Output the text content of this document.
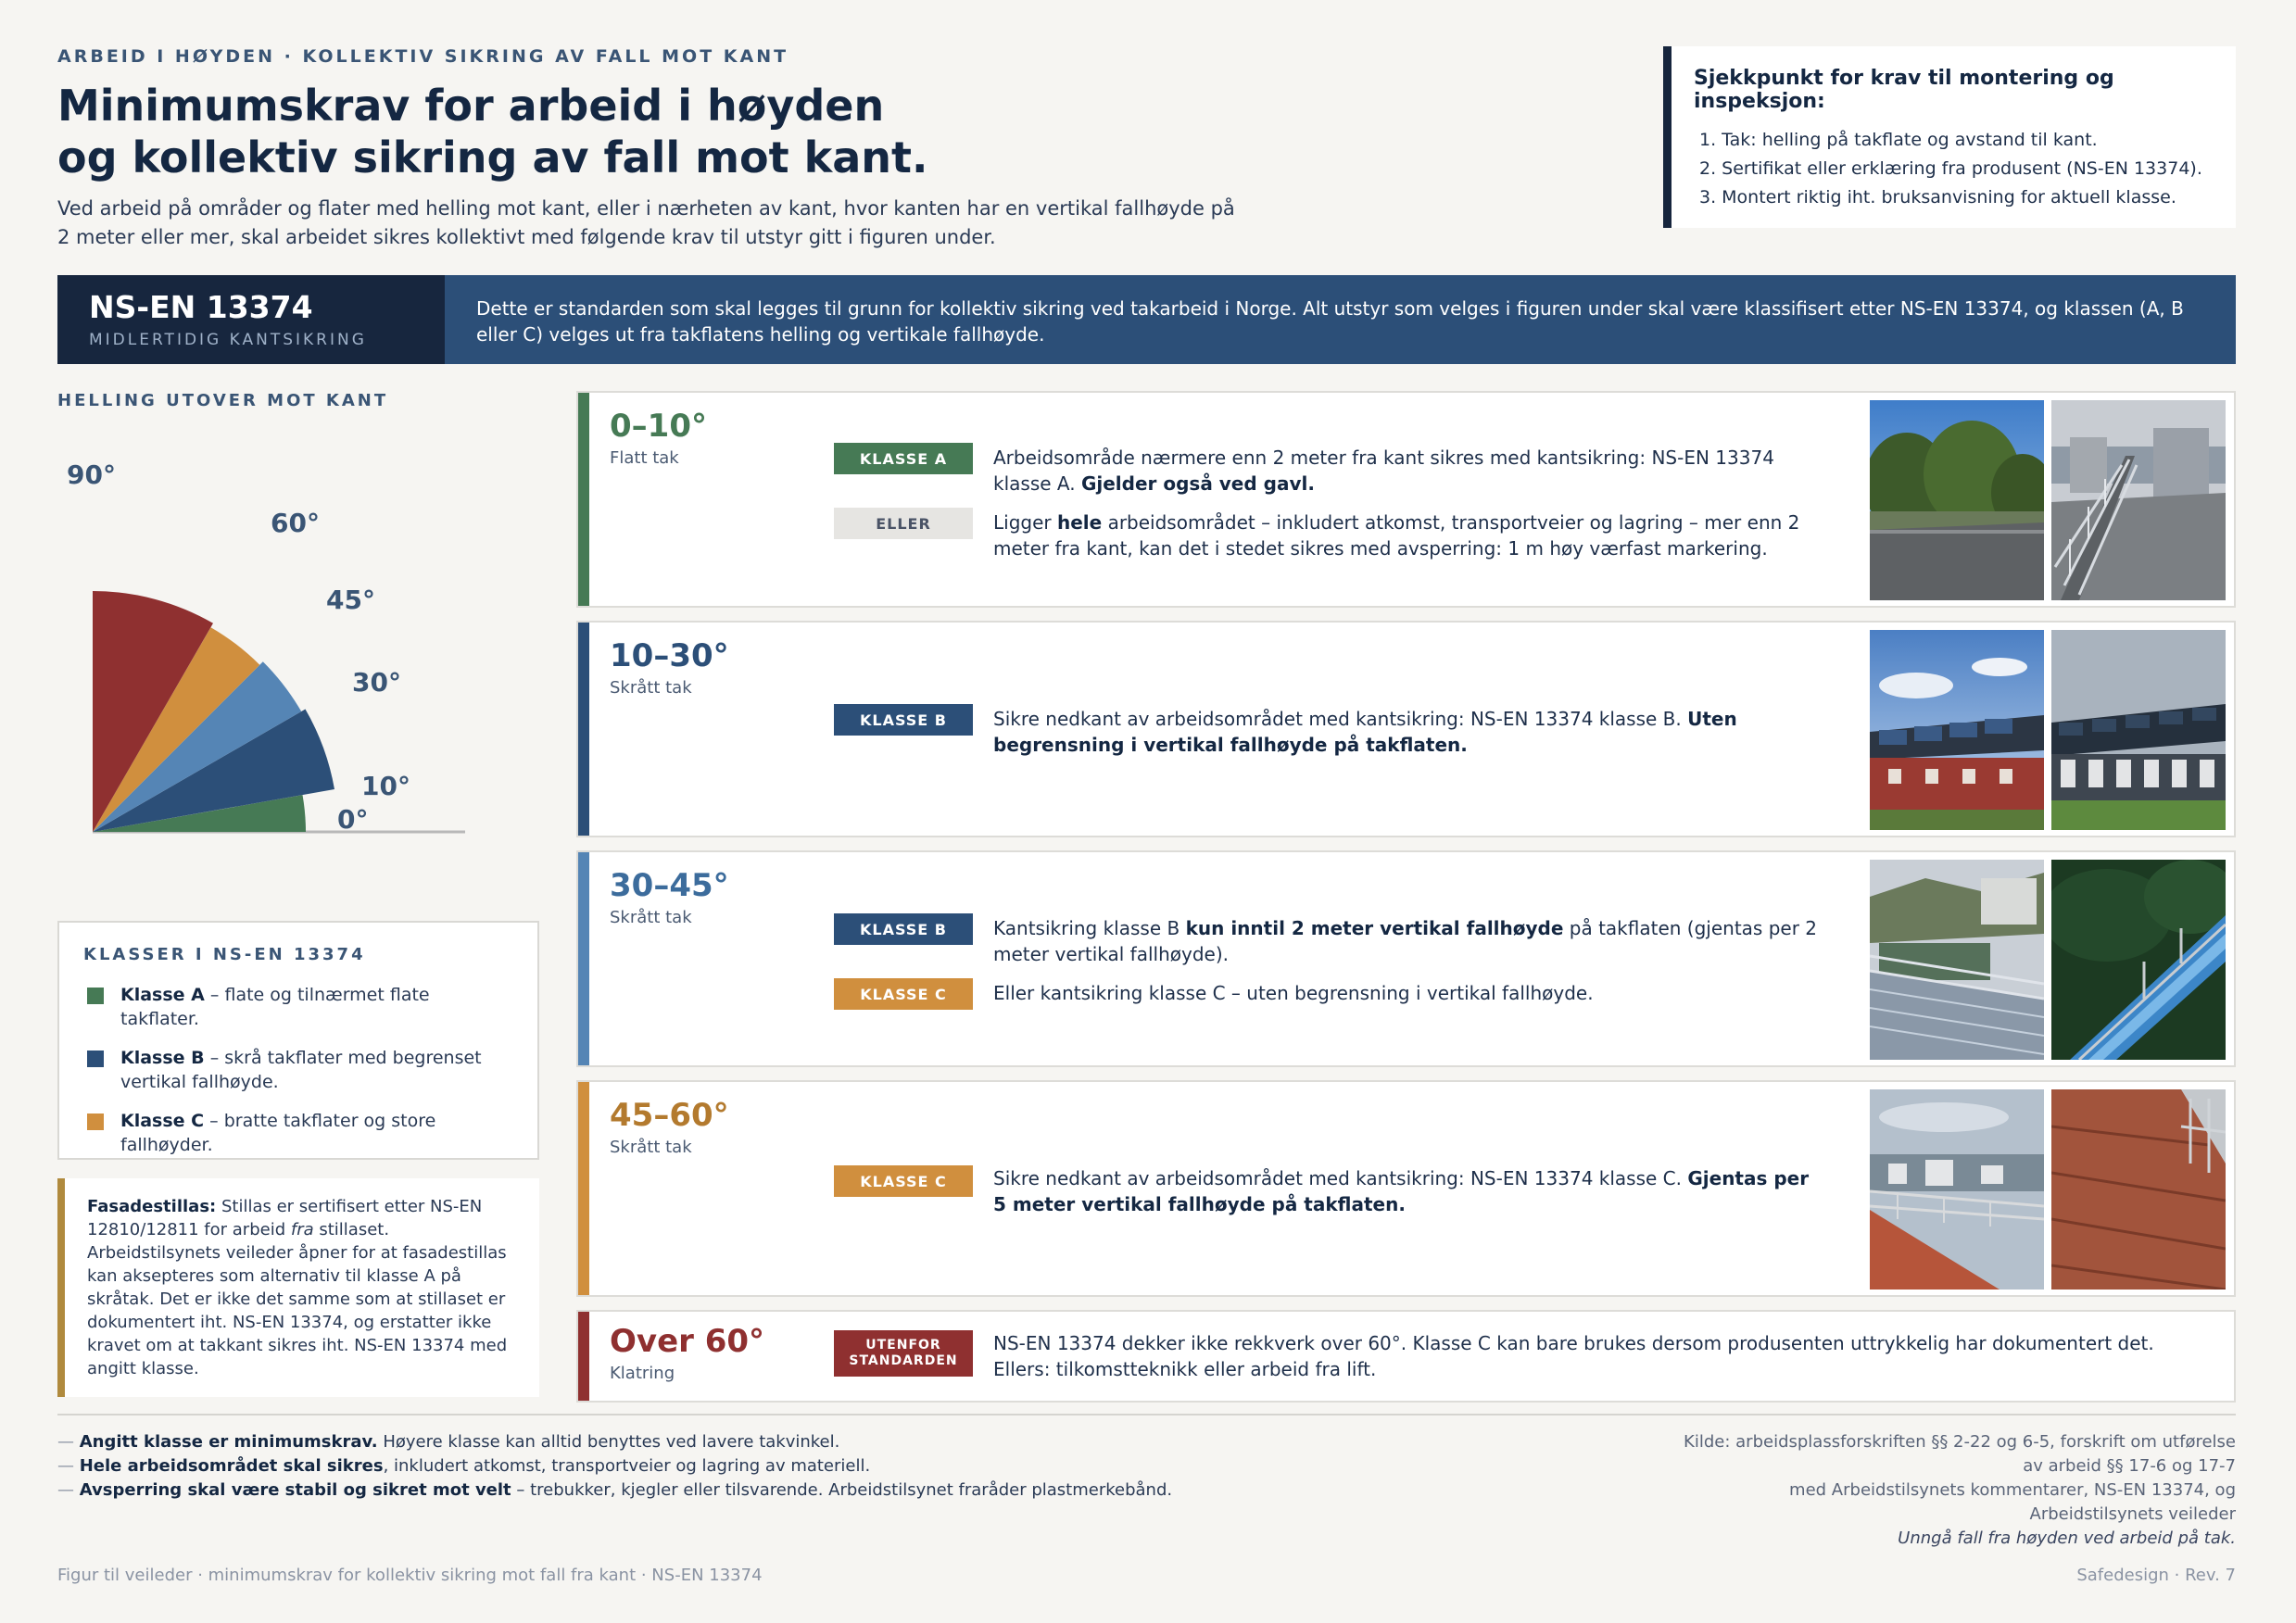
ARBEID I HØYDEN · KOLLEKTIV SIKRING AV FALL MOT KANT
Minimumskrav for arbeid i høyden
og kollektiv sikring av fall mot kant.
Ved arbeid på områder og flater med helling mot kant, eller i nærheten av kant, hvor kanten har en vertikal fallhøyde på 2 meter eller mer, skal arbeidet sikres kollektivt med følgende krav til utstyr gitt i figuren under.
Sjekkpunkt for krav til montering og inspeksjon:
1. Tak: helling på takflate og avstand til kant.
2. Sertifikat eller erklæring fra produsent (NS-EN 13374).
3. Montert riktig iht. bruksanvisning for aktuell klasse.
NS-EN 13374
MIDLERTIDIG KANTSIKRING
Dette er standarden som skal legges til grunn for kollektiv sikring ved takarbeid i Norge. Alt utstyr som velges i figuren under skal være klassifisert etter NS-EN 13374, og klassen (A, B eller C) velges ut fra takflatens helling og vertikale fallhøyde.
HELLING UTOVER MOT KANT
90°
60°
45°
30°
10°
0°
KLASSER I NS-EN 13374
Klasse A – flate og tilnærmet flate takflater.
Klasse B – skrå takflater med begrenset vertikal fallhøyde.
Klasse C – bratte takflater og store fallhøyder.
Fasadestillas: Stillas er sertifisert etter NS-EN 12810/12811 for arbeid fra stillaset. Arbeidstilsynets veileder åpner for at fasadestillas kan aksepteres som alternativ til klasse A på skråtak. Det er ikke det samme som at stillaset er dokumentert iht. NS-EN 13374, og erstatter ikke kravet om at takkant sikres iht. NS-EN 13374 med angitt klasse.
0–10°
Flatt tak	KLASSE A	Arbeidsområde nærmere enn 2 meter fra kant sikres med kantsikring: NS-EN 13374 klasse A. Gjelder også ved gavl.
ELLER	Ligger hele arbeidsområdet – inkludert atkomst, transportveier og lagring – mer enn 2 meter fra kant, kan det i stedet sikres med avsperring: 1 m høy værfast markering.
10–30°
Skrått tak
KLASSE B	Sikre nedkant av arbeidsområdet med kantsikring: NS-EN 13374 klasse B. Uten begrensning i vertikal fallhøyde på takflaten.
30–45°
Skrått tak
KLASSE B	Kantsikring klasse B kun inntil 2 meter vertikal fallhøyde på takflaten (gjentas per 2 meter vertikal fallhøyde).
KLASSE C	Eller kantsikring klasse C – uten begrensning i vertikal fallhøyde.
45–60°
Skrått tak
KLASSE C	Sikre nedkant av arbeidsområdet med kantsikring: NS-EN 13374 klasse C. Gjentas per 5 meter vertikal fallhøyde på takflaten.
Over 60°
Klatring
UTENFOR
STANDARDEN
NS-EN 13374 dekker ikke rekkverk over 60°. Klasse C kan bare brukes dersom produsenten uttrykkelig har dokumentert det. Ellers: tilkomstteknikk eller arbeid fra lift.
— Angitt klasse er minimumskrav. Høyere klasse kan alltid benyttes ved lavere takvinkel.
— Hele arbeidsområdet skal sikres, inkludert atkomst, transportveier og lagring av materiell.
— Avsperring skal være stabil og sikret mot velt – trebukker, kjegler eller tilsvarende. Arbeidstilsynet fraråder plastmerkebånd.
Kilde: arbeidsplassforskriften §§ 2-22 og 6-5, forskrift om utførelse
av arbeid §§ 17-6 og 17-7
med Arbeidstilsynets kommentarer, NS-EN 13374, og
Arbeidstilsynets veileder
Unngå fall fra høyden ved arbeid på tak.
Figur til veileder · minimumskrav for kollektiv sikring mot fall fra kant · NS-EN 13374	Safedesign · Rev. 7
